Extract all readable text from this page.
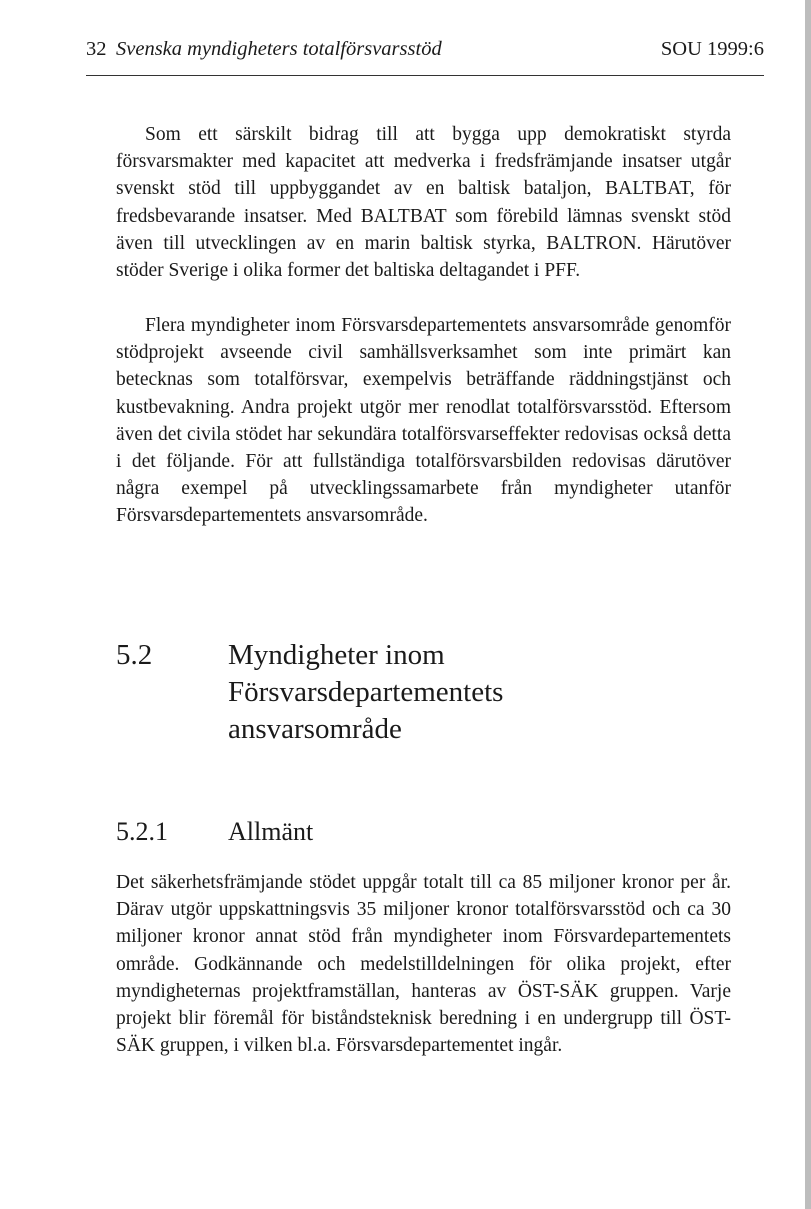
32 Svenska myndigheters totalförsvarsstöd	SOU 1999:6

Som ett särskilt bidrag till att bygga upp demokratiskt styrda försvarsmakter med kapacitet att medverka i fredsfrämjande insatser utgår svenskt stöd till uppbyggandet av en baltisk bataljon, BALTBAT, för fredsbevarande insatser. Med BALTBAT som förebild lämnas svenskt stöd även till utvecklingen av en marin baltisk styrka, BALTRON. Härutöver stöder Sverige i olika former det baltiska deltagandet i PFF.

Flera myndigheter inom Försvarsdepartementets ansvarsområde genomför stödprojekt avseende civil samhällsverksamhet som inte primärt kan betecknas som totalförsvar, exempelvis beträffande räddningstjänst och kustbevakning. Andra projekt utgör mer renodlat totalförsvarsstöd. Eftersom även det civila stödet har sekundära totalförsvarseffekter redovisas också detta i det följande. För att fullständiga totalförsvarsbilden redovisas därutöver några exempel på utvecklingssamarbete från myndigheter utanför Försvarsdepartementets ansvarsområde.

5.2	Myndigheter inom Försvarsdepartementets ansvarsområde
5.2.1 Allmänt

Det säkerhetsfrämjande stödet uppgår totalt till ca 85 miljoner kronor per år. Därav utgör uppskattningsvis 35 miljoner kronor totalförsvarsstöd och ca 30 miljoner kronor annat stöd från myndigheter inom Försvardepartementets område. Godkännande och medelstilldelningen för olika projekt, efter myndigheternas projektframställan, hanteras av ÖST-SÄK gruppen. Varje projekt blir föremål för biståndsteknisk beredning i en undergrupp till ÖST-SÄK gruppen, i vilken bl.a. Försvarsdepartementet ingår.
